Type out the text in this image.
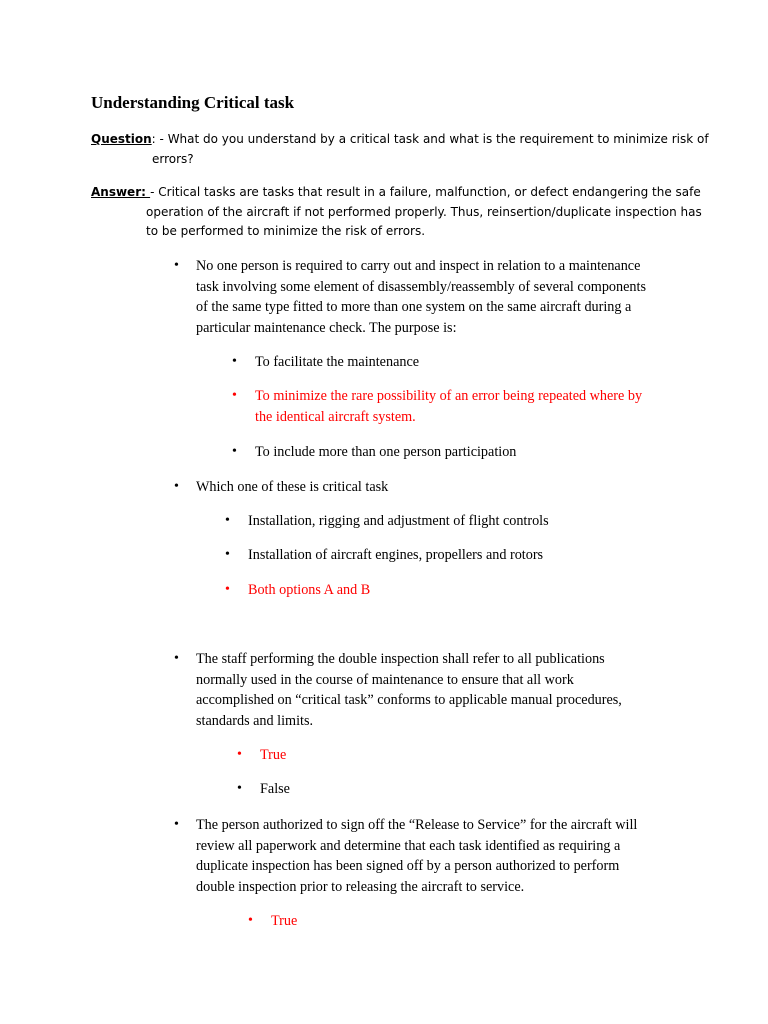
Understanding Critical task
Question: - What do you understand by a critical task and what is the requirement to minimize risk of
errors?
Answer: - Critical tasks are tasks that result in a failure, malfunction, or defect endangering the safe
operation of the aircraft if not performed properly. Thus, reinsertion/duplicate inspection has
to be performed to minimize the risk of errors.
• No one person is required to carry out and inspect in relation to a maintenance
task involving some element of disassembly/reassembly of several components
of the same type fitted to more than one system on the same aircraft during a
particular maintenance check. The purpose is:
• To facilitate the maintenance
• To minimize the rare possibility of an error being repeated where by
the identical aircraft system.
• To include more than one person participation
• Which one of these is critical task
• Installation, rigging and adjustment of flight controls
• Installation of aircraft engines, propellers and rotors
• Both options A and B
• The staff performing the double inspection shall refer to all publications
normally used in the course of maintenance to ensure that all work
accomplished on “critical task” conforms to applicable manual procedures,
standards and limits.
• True
• False
• The person authorized to sign off the “Release to Service” for the aircraft will
review all paperwork and determine that each task identified as requiring a
duplicate inspection has been signed off by a person authorized to perform
double inspection prior to releasing the aircraft to service.
• True
